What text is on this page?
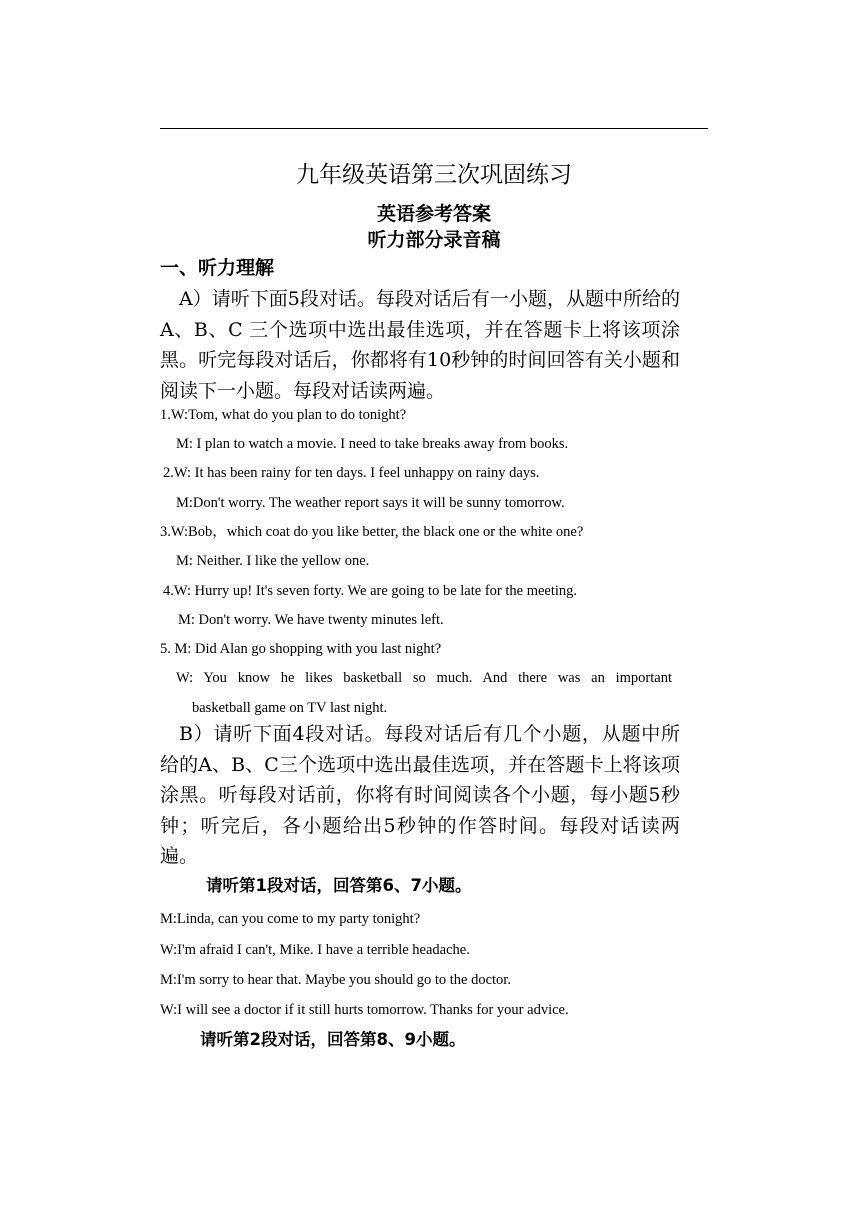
九年级英语第三次巩固练习
英语参考答案
听力部分录音稿
一、听力理解
A）请听下面5段对话。每段对话后有一小题，从题中所给的A、B、C 三个选项中选出最佳选项，并在答题卡上将该项涂黑。听完每段对话后，你都将有10秒钟的时间回答有关小题和阅读下一小题。每段对话读两遍。
1.W:Tom, what do you plan to do tonight?
M: I plan to watch a movie. I need to take breaks away from books.
2.W: It has been rainy for ten days. I feel unhappy on rainy days.
M:Don't worry. The weather report says it will be sunny tomorrow.
3.W:Bob，which coat do you like better, the black one or the white one?
M: Neither. I like the yellow one.
4.W: Hurry up! It's seven forty. We are going to be late for the meeting.
M: Don't worry. We have twenty minutes left.
5. M: Did Alan go shopping with you last night?
W: You know he likes basketball so much. And there was an important
basketball game on TV last night.
B）请听下面4段对话。每段对话后有几个小题，从题中所给的A、B、C三个选项中选出最佳选项，并在答题卡上将该项涂黑。听每段对话前，你将有时间阅读各个小题，每小题5秒钟；听完后，各小题给出5秒钟的作答时间。每段对话读两遍。
请听第1段对话，回答第6、7小题。
M:Linda, can you come to my party tonight?
W:I'm afraid I can't, Mike. I have a terrible headache.
M:I'm sorry to hear that. Maybe you should go to the doctor.
W:I will see a doctor if it still hurts tomorrow. Thanks for your advice.
请听第2段对话，回答第8、9小题。
